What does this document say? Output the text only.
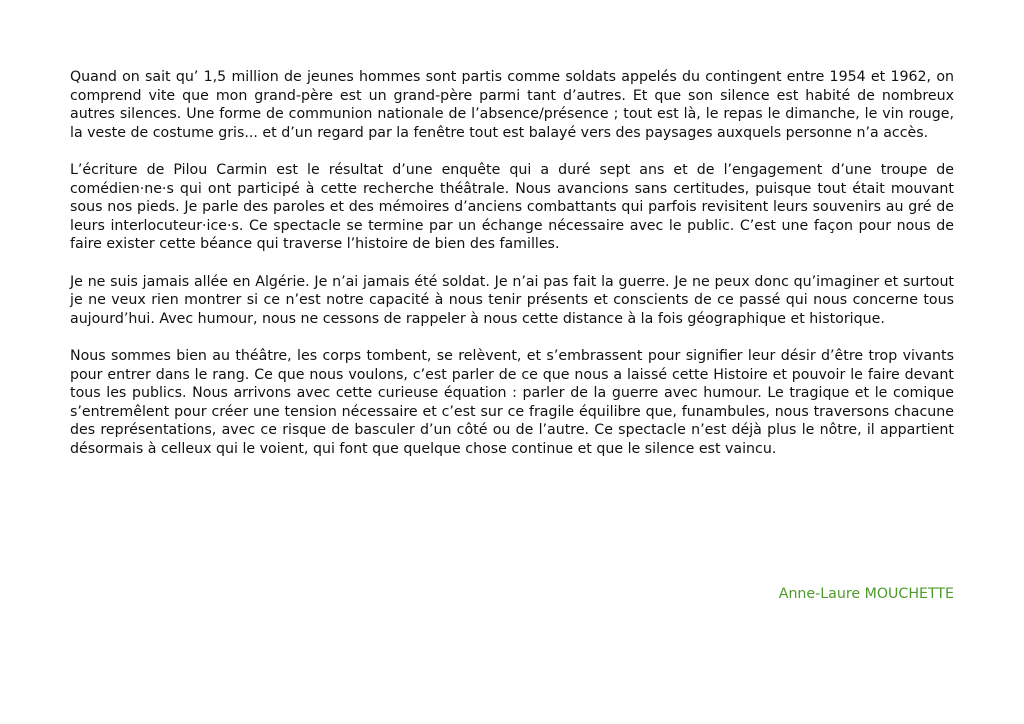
Quand on sait qu’ 1,5 million de jeunes hommes sont partis comme soldats appelés du contingent entre 1954 et 1962, on comprend vite que mon grand-père est un grand-père parmi tant d’autres. Et que son silence est habité de nombreux autres silences. Une forme de communion nationale de l’absence/présence ; tout est là, le repas le dimanche, le vin rouge, la veste de costume gris... et d’un regard par la fenêtre tout est balayé vers des paysages auxquels personne n’a accès.

L’écriture de Pilou Carmin est le résultat d’une enquête qui a duré sept ans et de l’engagement d’une troupe de comédien·ne·s qui ont participé à cette recherche théâtrale. Nous avancions sans certitudes, puisque tout était mouvant sous nos pieds. Je parle des paroles et des mémoires d’anciens combattants qui parfois revisitent leurs souvenirs au gré de leurs interlocuteur·ice·s. Ce spectacle se termine par un échange nécessaire avec le public. C’est une façon pour nous de faire exister cette béance qui traverse l’histoire de bien des familles.

Je ne suis jamais allée en Algérie. Je n’ai jamais été soldat. Je n’ai pas fait la guerre. Je ne peux donc qu’imaginer et surtout je ne veux rien montrer si ce n’est notre capacité à nous tenir présents et conscients de ce passé qui nous concerne tous aujourd’hui. Avec humour, nous ne cessons de rappeler à nous cette distance à la fois géographique et historique.

Nous sommes bien au théâtre, les corps tombent, se relèvent, et s’embrassent pour signifier leur désir d’être trop vivants pour entrer dans le rang. Ce que nous voulons, c’est parler de ce que nous a laissé cette Histoire et pouvoir le faire devant tous les publics. Nous arrivons avec cette curieuse équation : parler de la guerre avec humour. Le tragique et le comique s’entremêlent pour créer une tension nécessaire et c’est sur ce fragile équilibre que, funambules, nous traversons chacune des représentations, avec ce risque de basculer d’un côté ou de l’autre. Ce spectacle n’est déjà plus le nôtre, il appartient désormais à celleux qui le voient, qui font que quelque chose continue et que le silence est vaincu.

Anne-Laure MOUCHETTE
